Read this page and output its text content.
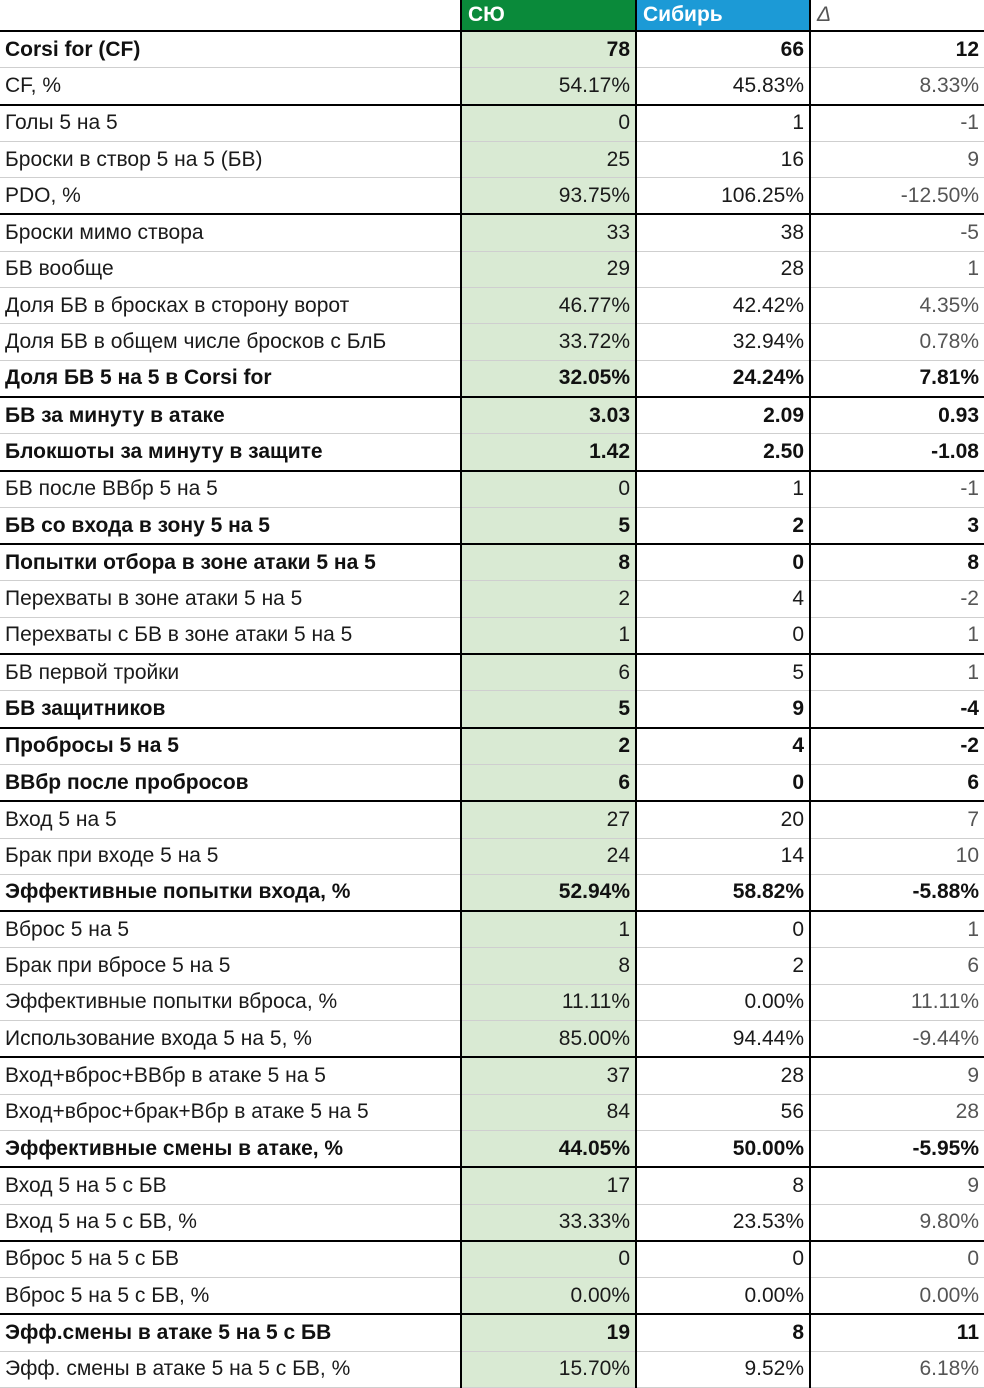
	СЮ	Сибирь	Δ
Corsi for (CF)	78	66	12
CF, %	54.17%	45.83%	8.33%
Голы 5 на 5	0	1	-1
Броски в створ 5 на 5 (БВ)	25	16	9
PDO, %	93.75%	106.25%	-12.50%
Броски мимо створа	33	38	-5
БВ вообще	29	28	1
Доля БВ в бросках в сторону ворот	46.77%	42.42%	4.35%
Доля БВ в общем числе бросков с БлБ	33.72%	32.94%	0.78%
Доля БВ 5 на 5 в Corsi for	32.05%	24.24%	7.81%
БВ за минуту в атаке	3.03	2.09	0.93
Блокшоты за минуту в защите	1.42	2.50	-1.08
БВ после ВВбр 5 на 5	0	1	-1
БВ со входа в зону 5 на 5	5	2	3
Попытки отбора в зоне атаки 5 на 5	8	0	8
Перехваты в зоне атаки 5 на 5	2	4	-2
Перехваты с БВ в зоне атаки 5 на 5	1	0	1
БВ первой тройки	6	5	1
БВ защитников	5	9	-4
Пробросы 5 на 5	2	4	-2
ВВбр после пробросов	6	0	6
Вход 5 на 5	27	20	7
Брак при входе 5 на 5	24	14	10
Эффективные попытки входа, %	52.94%	58.82%	-5.88%
Вброс 5 на 5	1	0	1
Брак при вбросе 5 на 5	8	2	6
Эффективные попытки вброса, %	11.11%	0.00%	11.11%
Использование входа 5 на 5, %	85.00%	94.44%	-9.44%
Вход+вброс+ВВбр в атаке 5 на 5	37	28	9
Вход+вброс+брак+Вбр в атаке 5 на 5	84	56	28
Эффективные смены в атаке, %	44.05%	50.00%	-5.95%
Вход 5 на 5 с БВ	17	8	9
Вход 5 на 5 с БВ, %	33.33%	23.53%	9.80%
Вброс 5 на 5 с БВ	0	0	0
Вброс 5 на 5 с БВ, %	0.00%	0.00%	0.00%
Эфф.смены в атаке 5 на 5 с БВ	19	8	11
Эфф. смены в атаке 5 на 5 с БВ, %	15.70%	9.52%	6.18%
